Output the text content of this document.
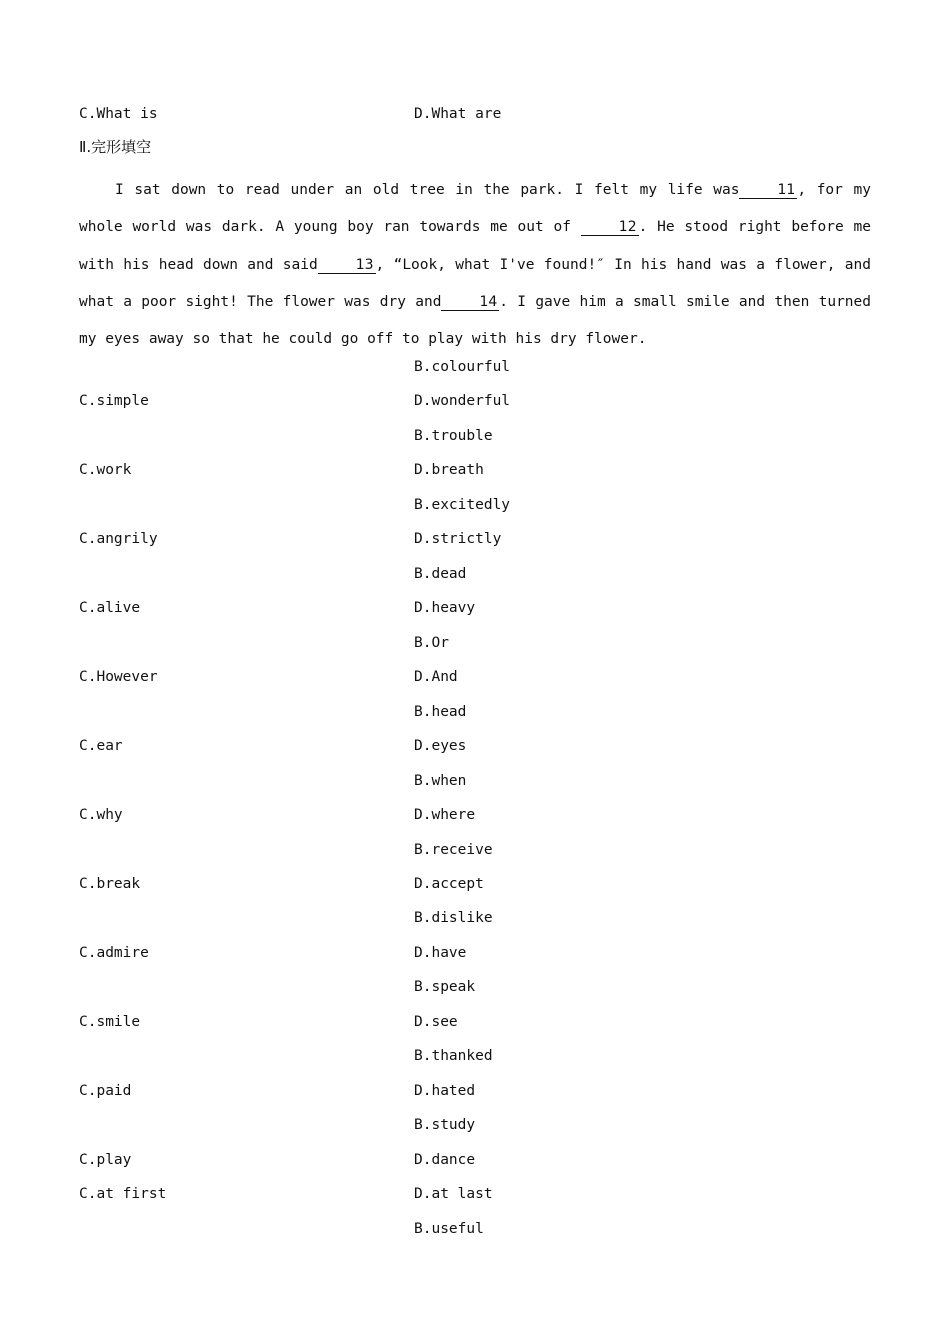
C.What is	D.What are
Ⅱ.完形填空

I sat down to read under an old tree in the park. I felt my life was	11 , for my whole world was dark. A young boy ran towards me out of	12 . He stood right before me with his head down and said	13 , “Look, what I've found!″ In his hand was a flower, and what a poor sight! The flower was dry and	14 . I gave him a small smile and then turned my eyes away so that he could go off to play with his dry flower.

B.colourful
C.simple	D.wonderful
B.trouble
C.work	D.breath
B.excitedly
C.angrily	D.strictly
B.dead
C.alive	D.heavy
B.Or
C.However	D.And
B.head
C.ear	D.eyes
B.when
C.why	D.where
B.receive
C.break	D.accept
B.dislike
C.admire	D.have
B.speak
C.smile	D.see
B.thanked
C.paid	D.hated
B.study
C.play	D.dance
C.at first	D.at last
B.useful
